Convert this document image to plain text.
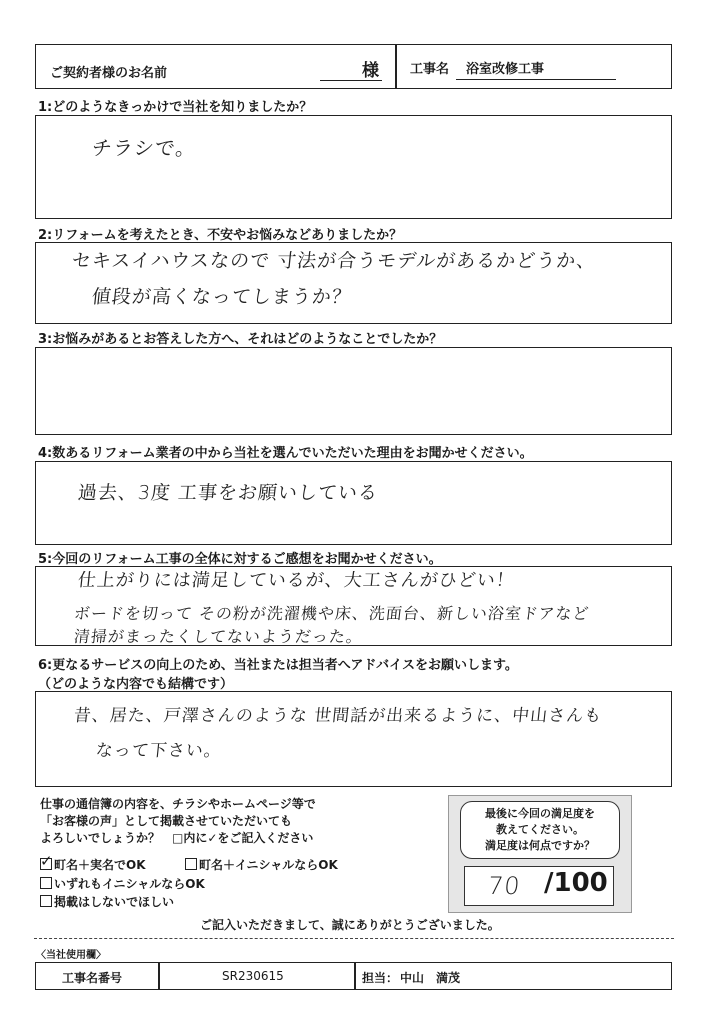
ご契約者様のお名前	様 工事名 浴室改修工事
1:どのようなきっかけで当社を知りましたか？
チラシで。
2:リフォームを考えたとき、不安やお悩みなどありましたか？
セキスイハウスなので 寸法が合うモデルがあるかどうか、
値段が高くなってしまうか？
3:お悩みがあるとお答えした方へ、それはどのようなことでしたか？
4:数あるリフォーム業者の中から当社を選んでいただいた理由をお聞かせください。
過去、3度 工事をお願いしている
5:今回のリフォーム工事の全体に対するご感想をお聞かせください。
仕上がりには満足しているが、大工さんがひどい！
ボードを切って その粉が洗濯機や床、洗面台、新しい浴室ドアなど
清掃がまったくしてないようだった。
6:更なるサービスの向上のため、当社または担当者へアドバイスをお願いします。
（どのような内容でも結構です）
昔、居た、戸澤さんのような 世間話が出来るように、中山さんも
なって下さい。
仕事の通信簿の内容を、チラシやホームページ等で
「お客様の声」として掲載させていただいても
よろしいでしょうか？　□内に✓をご記入ください
✓町名＋実名でOK	町名＋イニシャルならOK
いずれもイニシャルならOK
掲載はしないでほしい
最後に今回の満足度を
教えてください。
満足度は何点ですか？
70 /100
ご記入いただきまして、誠にありがとうございました。
〈当社使用欄〉
工事名番号	SR230615	担当： 中山　満茂
